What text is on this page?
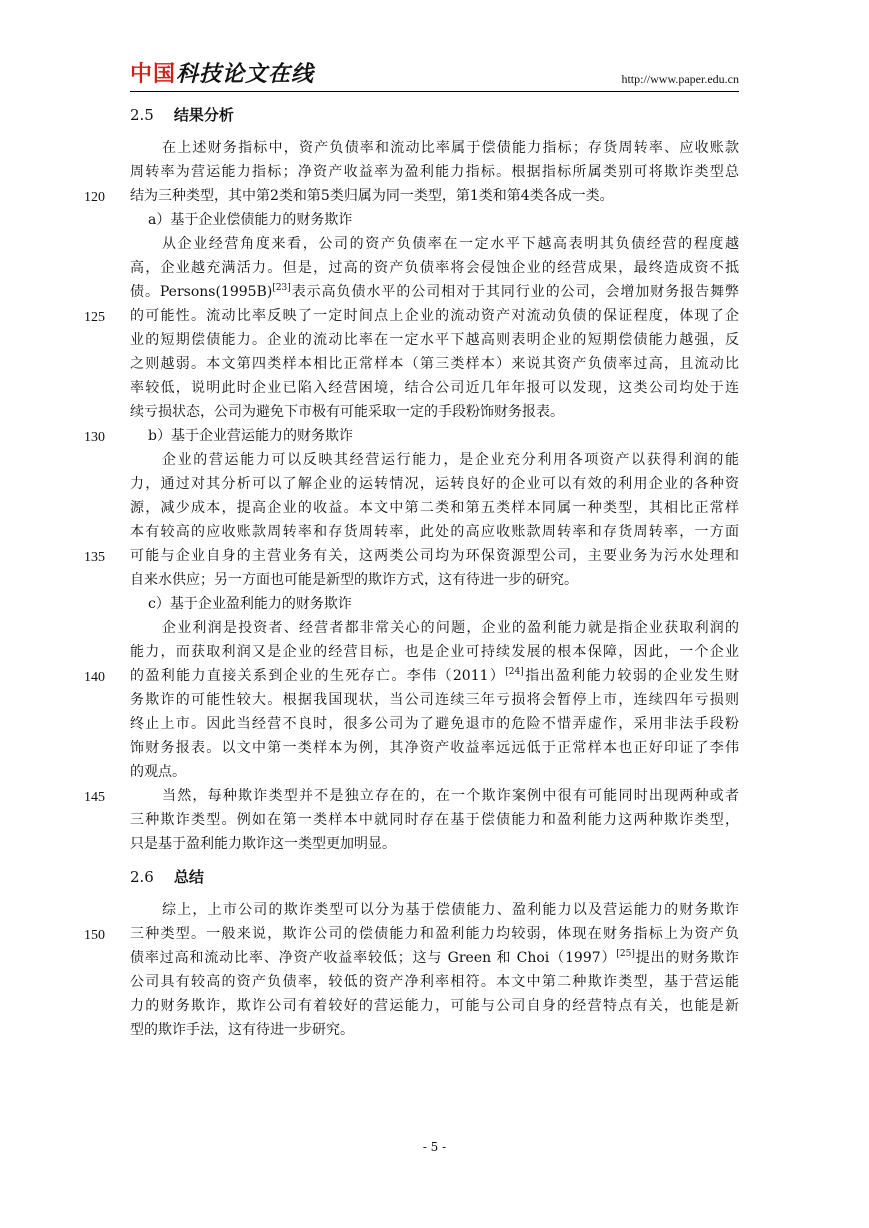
中国科技论文在线	http://www.paper.edu.cn
2.5 结果分析
在上述财务指标中，资产负债率和流动比率属于偿债能力指标；存货周转率、应收账款
周转率为营运能力指标；净资产收益率为盈利能力指标。根据指标所属类别可将欺诈类型总
结为三种类型，其中第2类和第5类归属为同一类型，第1类和第4类各成一类。
120
a）基于企业偿债能力的财务欺诈
从企业经营角度来看，公司的资产负债率在一定水平下越高表明其负债经营的程度越
高，企业越充满活力。但是，过高的资产负债率将会侵蚀企业的经营成果，最终造成资不抵
债。Persons(1995B)[23]表示高负债水平的公司相对于其同行业的公司，会增加财务报告舞弊
的可能性。流动比率反映了一定时间点上企业的流动资产对流动负债的保证程度，体现了企
125
业的短期偿债能力。企业的流动比率在一定水平下越高则表明企业的短期偿债能力越强，反
之则越弱。本文第四类样本相比正常样本（第三类样本）来说其资产负债率过高，且流动比
率较低，说明此时企业已陷入经营困境，结合公司近几年年报可以发现，这类公司均处于连
续亏损状态，公司为避免下市极有可能采取一定的手段粉饰财务报表。
b）基于企业营运能力的财务欺诈
130
企业的营运能力可以反映其经营运行能力，是企业充分利用各项资产以获得利润的能
力，通过对其分析可以了解企业的运转情况，运转良好的企业可以有效的利用企业的各种资
源，减少成本，提高企业的收益。本文中第二类和第五类样本同属一种类型，其相比正常样
本有较高的应收账款周转率和存货周转率，此处的高应收账款周转率和存货周转率，一方面
可能与企业自身的主营业务有关，这两类公司均为环保资源型公司，主要业务为污水处理和
135
自来水供应；另一方面也可能是新型的欺诈方式，这有待进一步的研究。
c）基于企业盈利能力的财务欺诈
企业利润是投资者、经营者都非常关心的问题，企业的盈利能力就是指企业获取利润的
能力，而获取利润又是企业的经营目标，也是企业可持续发展的根本保障，因此，一个企业
的盈利能力直接关系到企业的生死存亡。李伟（2011）[24]指出盈利能力较弱的企业发生财
140
务欺诈的可能性较大。根据我国现状，当公司连续三年亏损将会暂停上市，连续四年亏损则
终止上市。因此当经营不良时，很多公司为了避免退市的危险不惜弄虚作，采用非法手段粉
饰财务报表。以文中第一类样本为例，其净资产收益率远远低于正常样本也正好印证了李伟
的观点。
当然，每种欺诈类型并不是独立存在的，在一个欺诈案例中很有可能同时出现两种或者
145
三种欺诈类型。例如在第一类样本中就同时存在基于偿债能力和盈利能力这两种欺诈类型，
只是基于盈利能力欺诈这一类型更加明显。
2.6 总结
综上，上市公司的欺诈类型可以分为基于偿债能力、盈利能力以及营运能力的财务欺诈
三种类型。一般来说，欺诈公司的偿债能力和盈利能力均较弱，体现在财务指标上为资产负
150
债率过高和流动比率、净资产收益率较低；这与 Green 和 Choi（1997）[25]提出的财务欺诈
公司具有较高的资产负债率，较低的资产净利率相符。本文中第二种欺诈类型，基于营运能
力的财务欺诈，欺诈公司有着较好的营运能力，可能与公司自身的经营特点有关，也能是新
型的欺诈手法，这有待进一步研究。
- 5 -
